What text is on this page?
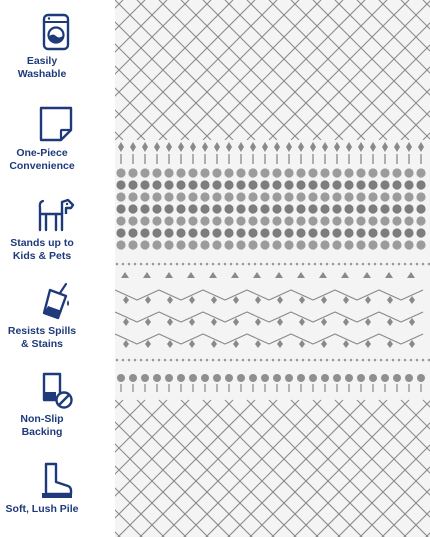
Easily
Washable
One-Piece
Convenience
Stands up to
Kids & Pets
Resists Spills
& Stains
Non-Slip
Backing
Soft, Lush Pile
